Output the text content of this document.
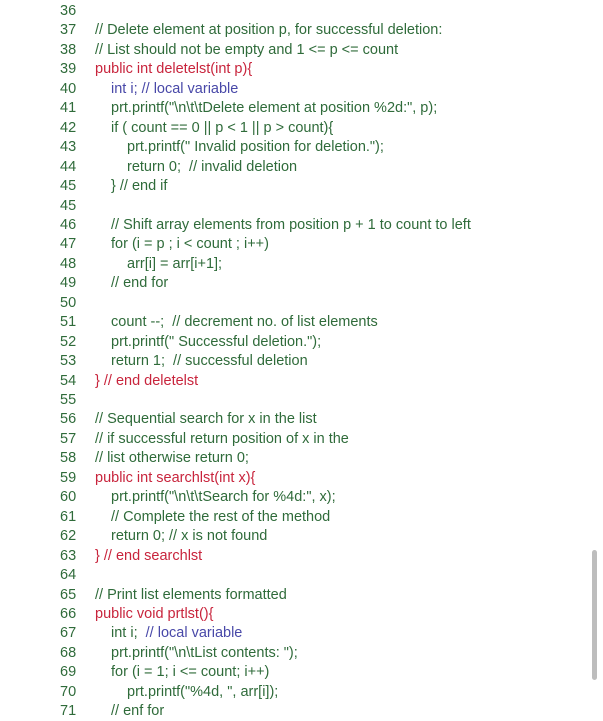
36
37	// Delete element at position p, for successful deletion:
38	// List should not be empty and 1 <= p <= count
39	public int deletelst(int p){
40	int i; // local variable
41	prt.printf("\n\t\tDelete element at position %2d:", p);
42	if ( count == 0 || p < 1 || p > count){
43	prt.printf(" Invalid position for deletion.");
44	return 0;  // invalid deletion
45	} // end if
45
46	// Shift array elements from position p + 1 to count to left
47	for (i = p ; i < count ; i++)
48	arr[i] = arr[i+1];
49	// end for
50
51	count --;  // decrement no. of list elements
52	prt.printf(" Successful deletion.");
53	return 1;  // successful deletion
54	} // end deletelst
55
56	// Sequential search for x in the list
57	// if successful return position of x in the
58	// list otherwise return 0;
59	public int searchlst(int x){
60	prt.printf("\n\t\tSearch for %4d:", x);
61	// Complete the rest of the method
62	return 0; // x is not found
63	} // end searchlst
64
65	// Print list elements formatted
66	public void prtlst(){
67	int i;  // local variable
68	prt.printf("\n\tList contents: ");
69	for (i = 1; i <= count; i++)
70	prt.printf("%4d, ", arr[i]);
71	// enf for
